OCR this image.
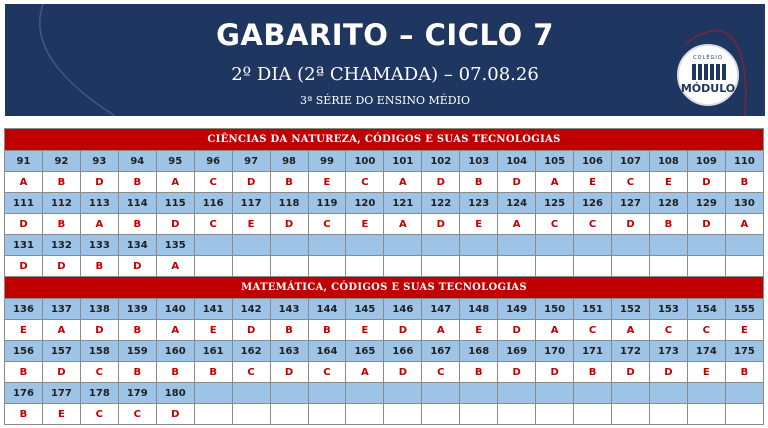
GABARITO – CICLO 7
2º DIA (2ª CHAMADA) – 07.08.26
3ª SÉRIE DO ENSINO MÉDIO
COLÉGIO
MÓDULO
CIÊNCIAS DA NATUREZA, CÓDIGOS E SUAS TECNOLOGIAS																			
91	92	93	94	95	96	97	98	99	100	101	102	103	104	105	106	107	108	109	110
A	B	D	B	A	C	D	B	E	C	A	D	B	D	A	E	C	E	D	B
111	112	113	114	115	116	117	118	119	120	121	122	123	124	125	126	127	128	129	130
D	B	A	B	D	C	E	D	C	E	A	D	E	A	C	C	D	B	D	A
131	132	133	134	135															
D	D	B	D	A															
MATEMÁTICA, CÓDIGOS E SUAS TECNOLOGIAS																			
136	137	138	139	140	141	142	143	144	145	146	147	148	149	150	151	152	153	154	155
E	A	D	B	A	E	D	B	B	E	D	A	E	D	A	C	A	C	C	E
156	157	158	159	160	161	162	163	164	165	166	167	168	169	170	171	172	173	174	175
B	D	C	B	B	B	C	D	C	A	D	C	B	D	D	B	D	D	E	B
176	177	178	179	180															
B	E	C	C	D															
